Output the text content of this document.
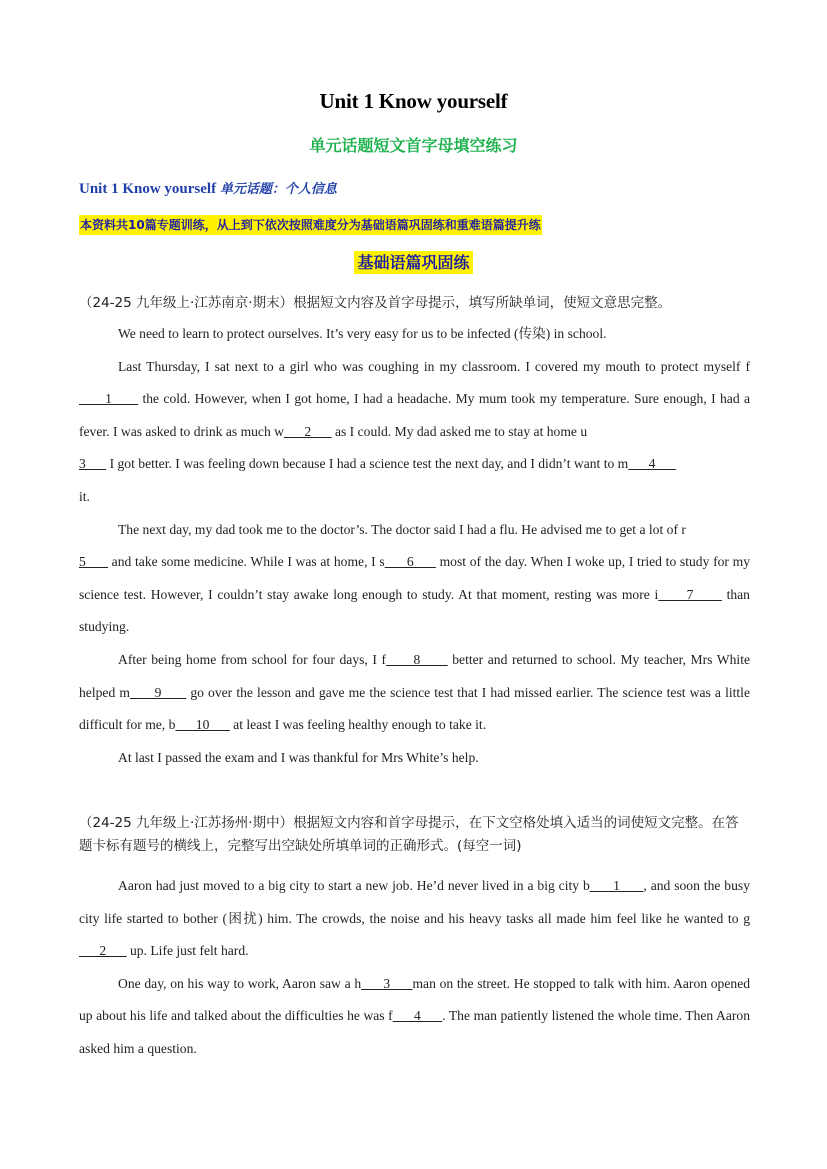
Unit 1 Know yourself
单元话题短文首字母填空练习
Unit 1 Know yourself 单元话题：个人信息
本资料共10篇专题训练，从上到下依次按照难度分为基础语篇巩固练和重难语篇提升练
基础语篇巩固练
（24-25 九年级上·江苏南京·期末）根据短文内容及首字母提示，填写所缺单词，使短文意思完整。

We need to learn to protect ourselves. It’s very easy for us to be infected (传染) in school.

Last Thursday, I sat next to a girl who was coughing in my classroom. I covered my mouth to protect myself f      1       the cold. However, when I got home, I had a headache. My mum took my temperature. Sure enough, I had a fever. I was asked to drink as much w      2       as I could. My dad asked me to stay at home u
3       I got better. I was feeling down because I had a science test the next day, and I didn’t want to m      4
it.

The next day, my dad took me to the doctor’s. The doctor said I had a flu. He advised me to get a lot of r
5       and take some medicine. While I was at home, I s      6       most of the day. When I woke up, I tried to study for my science test. However, I couldn’t stay awake long enough to study. At that moment, resting was more i      7       than studying.

After being home from school for four days, I f      8       better and returned to school. My teacher, Mrs White helped m      9       go over the lesson and gave me the science test that I had missed earlier. The science test was a little difficult for me, b      10       at least I was feeling healthy enough to take it.

At last I passed the exam and I was thankful for Mrs White’s help.

（24-25 九年级上·江苏扬州·期中）根据短文内容和首字母提示，在下文空格处填入适当的词使短文完整。在答题卡标有题号的横线上，完整写出空缺处所填单词的正确形式。(每空一词)

Aaron had just moved to a big city to start a new job. He’d never lived in a big city b      1      , and soon the busy city life started to bother (困扰) him. The crowds, the noise and his heavy tasks all made him feel like he wanted to g      2       up. Life just felt hard.

One day, on his way to work, Aaron saw a h      3      man on the street. He stopped to talk with him. Aaron opened up about his life and talked about the difficulties he was f      4      . The man patiently listened the whole time. Then Aaron asked him a question.
